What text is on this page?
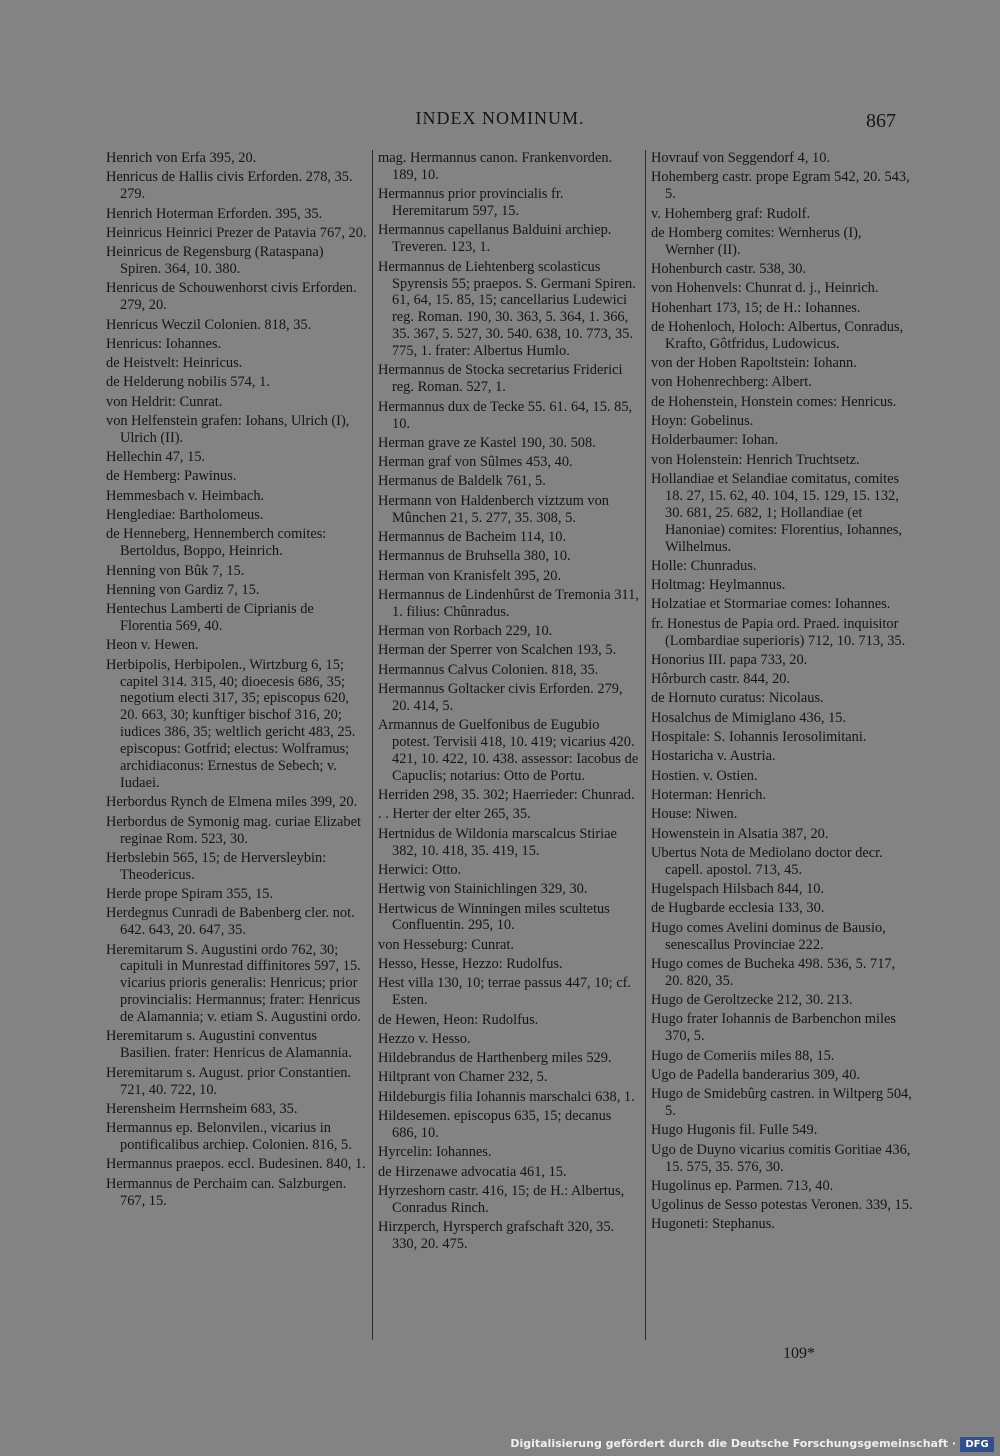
INDEX NOMINUM.	867
Henrich von Erfa 395, 20.
Henricus de Hallis civis Erforden. 278, 35. 279.
Henrich Hoterman Erforden. 395, 35.
Heinricus Heinrici Prezer de Patavia 767, 20.
Heinricus de Regensburg (Rataspana) Spiren. 364, 10. 380.
Henricus de Schouwenhorst civis Erforden. 279, 20.
Henricus Weczil Colonien. 818, 35.
Henricus: Iohannes.
de Heistvelt: Heinricus.
de Helderung nobilis 574, 1.
von Heldrit: Cunrat.
von Helfenstein grafen: Iohans, Ulrich (I), Ulrich (II).
Hellechin 47, 15.
de Hemberg: Pawinus.
Hemmesbach v. Heimbach.
Henglediae: Bartholomeus.
de Henneberg, Hennemberch comites: Bertoldus, Boppo, Heinrich.
Henning von Bûk 7, 15.
Henning von Gardiz 7, 15.
Hentechus Lamberti de Ciprianis de Florentia 569, 40.
Heon v. Hewen.
Herbipolis, Herbipolen., Wirtzburg 6, 15; capitel 314. 315, 40; dioecesis 686, 35; negotium electi 317, 35; episcopus 620, 20. 663, 30; kunftiger bischof 316, 20; iudices 386, 35; weltlich gericht 483, 25. episcopus: Gotfrid; electus: Wolframus; archidiaconus: Ernestus de Sebech; v. Iudaei.
Herbordus Rynch de Elmena miles 399, 20.
Herbordus de Symonig mag. curiae Elizabet reginae Rom. 523, 30.
Herbslebin 565, 15; de Herversleybin: Theodericus.
Herde prope Spiram 355, 15.
Herdegnus Cunradi de Babenberg cler. not. 642. 643, 20. 647, 35.
Heremitarum S. Augustini ordo 762, 30; capituli in Munrestad diffinitores 597, 15. vicarius prioris generalis: Henricus; prior provincialis: Hermannus; frater: Henricus de Alamannia; v. etiam S. Augustini ordo.
Heremitarum s. Augustini conventus Basilien. frater: Henricus de Alamannia.
Heremitarum s. August. prior Constantien. 721, 40. 722, 10.
Herensheim Herrnsheim 683, 35.
Hermannus ep. Belonvilen., vicarius in pontificalibus archiep. Colonien. 816, 5.
Hermannus praepos. eccl. Budesinen. 840, 1.
Hermannus de Perchaim can. Salzburgen. 767, 15.
mag. Hermannus canon. Frankenvorden. 189, 10.
Hermannus prior provincialis fr. Heremitarum 597, 15.
Hermannus capellanus Balduini archiep. Treveren. 123, 1.
Hermannus de Liehtenberg scolasticus Spyrensis 55; praepos. S. Germani Spiren. 61, 64, 15. 85, 15; cancellarius Ludewici reg. Roman. 190, 30. 363, 5. 364, 1. 366, 35. 367, 5. 527, 30. 540. 638, 10. 773, 35. 775, 1. frater: Albertus Humlo.
Hermannus de Stocka secretarius Friderici reg. Roman. 527, 1.
Hermannus dux de Tecke 55. 61. 64, 15. 85, 10.
Herman grave ze Kastel 190, 30. 508.
Herman graf von Sûlmes 453, 40.
Hermanus de Baldelk 761, 5.
Hermann von Haldenberch viztzum von Mûnchen 21, 5. 277, 35. 308, 5.
Hermannus de Bacheim 114, 10.
Hermannus de Bruhsella 380, 10.
Herman von Kranisfelt 395, 20.
Hermannus de Lindenhûrst de Tremonia 311, 1. filius: Chûnradus.
Herman von Rorbach 229, 10.
Herman der Sperrer von Scalchen 193, 5.
Hermannus Calvus Colonien. 818, 35.
Hermannus Goltacker civis Erforden. 279, 20. 414, 5.
Armannus de Guelfonibus de Eugubio potest. Tervisii 418, 10. 419; vicarius 420. 421, 10. 422, 10. 438. assessor: Iacobus de Capuclis; notarius: Otto de Portu.
Herriden 298, 35. 302; Haerrieder: Chunrad.
. . Herter der elter 265, 35.
Hertnidus de Wildonia marscalcus Stiriae 382, 10. 418, 35. 419, 15.
Herwici: Otto.
Hertwig von Stainichlingen 329, 30.
Hertwicus de Winningen miles scultetus Confluentin. 295, 10.
von Hesseburg: Cunrat.
Hesso, Hesse, Hezzo: Rudolfus.
Hest villa 130, 10; terrae passus 447, 10; cf. Esten.
de Hewen, Heon: Rudolfus.
Hezzo v. Hesso.
Hildebrandus de Harthenberg miles 529.
Hiltprant von Chamer 232, 5.
Hildeburgis filia Iohannis marschalci 638, 1.
Hildesemen. episcopus 635, 15; decanus 686, 10.
Hyrcelin: Iohannes.
de Hirzenawe advocatia 461, 15.
Hyrzeshorn castr. 416, 15; de H.: Albertus, Conradus Rinch.
Hirzperch, Hyrsperch grafschaft 320, 35. 330, 20. 475.
Hovrauf von Seggendorf 4, 10.
Hohemberg castr. prope Egram 542, 20. 543, 5.
v. Hohemberg graf: Rudolf.
de Homberg comites: Wernherus (I), Wernher (II).
Hohenburch castr. 538, 30.
von Hohenvels: Chunrat d. j., Heinrich.
Hohenhart 173, 15; de H.: Iohannes.
de Hohenloch, Holoch: Albertus, Conradus, Krafto, Gôtfridus, Ludowicus.
von der Hoben Rapoltstein: Iohann.
von Hohenrechberg: Albert.
de Hohenstein, Honstein comes: Henricus.
Hoyn: Gobelinus.
Holderbaumer: Iohan.
von Holenstein: Henrich Truchtsetz.
Hollandiae et Selandiae comitatus, comites 18. 27, 15. 62, 40. 104, 15. 129, 15. 132, 30. 681, 25. 682, 1; Hollandiae (et Hanoniae) comites: Florentius, Iohannes, Wilhelmus.
Holle: Chunradus.
Holtmag: Heylmannus.
Holzatiae et Stormariae comes: Iohannes.
fr. Honestus de Papia ord. Praed. inquisitor (Lombardiae superioris) 712, 10. 713, 35.
Honorius III. papa 733, 20.
Hôrburch castr. 844, 20.
de Hornuto curatus: Nicolaus.
Hosalchus de Mimiglano 436, 15.
Hospitale: S. Iohannis Ierosolimitani.
Hostaricha v. Austria.
Hostien. v. Ostien.
Hoterman: Henrich.
House: Niwen.
Howenstein in Alsatia 387, 20.
Ubertus Nota de Mediolano doctor decr. capell. apostol. 713, 45.
Hugelspach Hilsbach 844, 10.
de Hugbarde ecclesia 133, 30.
Hugo comes Avelini dominus de Bausio, senescallus Provinciae 222.
Hugo comes de Bucheka 498. 536, 5. 717, 20. 820, 35.
Hugo de Geroltzecke 212, 30. 213.
Hugo frater Iohannis de Barbenchon miles 370, 5.
Hugo de Comeriis miles 88, 15.
Ugo de Padella banderarius 309, 40.
Hugo de Smidebûrg castren. in Wiltperg 504, 5.
Hugo Hugonis fil. Fulle 549.
Ugo de Duyno vicarius comitis Goritiae 436, 15. 575, 35. 576, 30.
Hugolinus ep. Parmen. 713, 40.
Ugolinus de Sesso potestas Veronen. 339, 15.
Hugoneti: Stephanus.
109*
Digitalisierung gefördert durch die Deutsche Forschungsgemeinschaft · DFG
